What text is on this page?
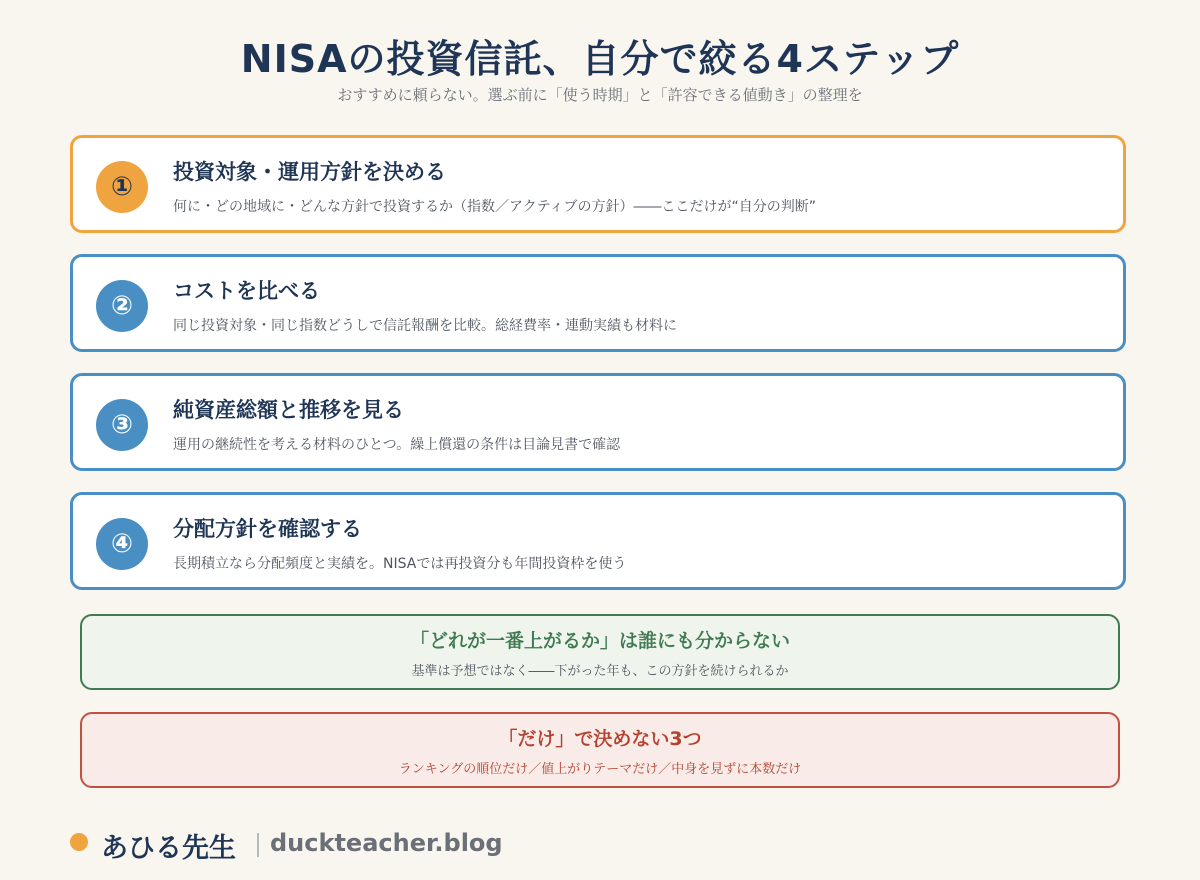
NISAの投資信託、自分で絞る4ステップ
おすすめに頼らない。選ぶ前に「使う時期」と「許容できる値動き」の整理を
①	投資対象・運用方針を決める
何に・どの地域に・どんな方針で投資するか（指数／アクティブの方針）――ここだけが“自分の判断”
②	コストを比べる
同じ投資対象・同じ指数どうしで信託報酬を比較。総経費率・連動実績も材料に
③	純資産総額と推移を見る
運用の継続性を考える材料のひとつ。繰上償還の条件は目論見書で確認
④	分配方針を確認する
長期積立なら分配頻度と実績を。NISAでは再投資分も年間投資枠を使う
「どれが一番上がるか」は誰にも分からない
基準は予想ではなく――下がった年も、この方針を続けられるか
「だけ」で決めない3つ
ランキングの順位だけ／値上がりテーマだけ／中身を見ずに本数だけ
あひる先生 duckteacher.blog
